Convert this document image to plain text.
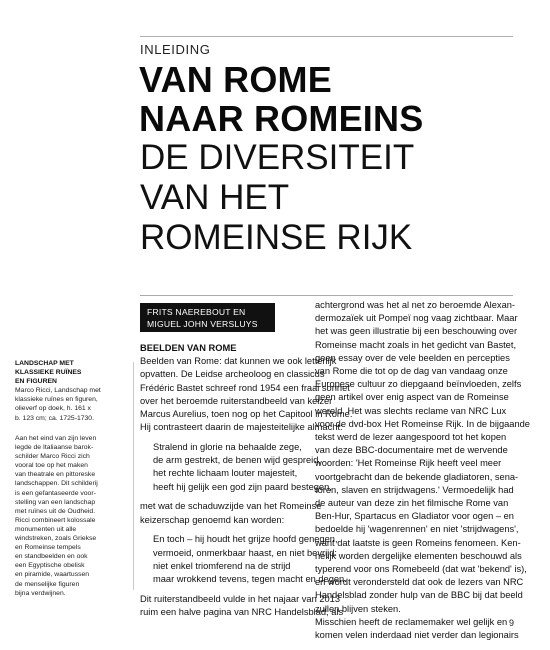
INLEIDING
VAN ROME
NAAR ROMEINS
DE DIVERSITEIT
VAN HET
ROMEINSE RIJK
FRITS NAEREBOUT EN
MIGUEL JOHN VERSLUYS
LANDSCHAP MET
KLASSIEKE RUÏNES
EN FIGUREN
Marco Ricci, Landschap met
klassieke ruïnes en figuren,
olieverf op doek, h. 161 x
b. 123 cm; ca. 1725-1730.
Aan het eind van zijn leven
legde de Italiaanse barok-
schilder Marco Ricci zich
vooral toe op het maken
van theatrale en pittoreske
landschappen. Dit schilderij
is een gefantaseerde voor-
stelling van een landschap
met ruïnes uit de Oudheid.
Ricci combineert kolossale
monumenten uit alle
windstreken, zoals Griekse
en Romeinse tempels
en standbeelden en ook
een Egyptische obelisk
en piramide, waartussen
de menselijke figuren
bijna verdwijnen.
BEELDEN VAN ROME
Beelden van Rome: dat kunnen we ook letterlijk
opvatten. De Leidse archeoloog en classicus
Frédéric Bastet schreef rond 1954 een fraai sonnet
over het beroemde ruiterstandbeeld van keizer
Marcus Aurelius, toen nog op het Capitool in Rome.
Hij contrasteert daarin de majesteitelijke almacht:
Stralend in glorie na behaalde zege,
de arm gestrekt, de benen wijd gespreid,
het rechte lichaam louter majesteit,
heeft hij gelijk een god zijn paard bestegen,
met wat de schaduwzijde van het Romeinse
keizerschap genoemd kan worden:
En toch – hij houdt het grijze hoofd genegen,
vermoeid, onmerkbaar haast, en niet bevrijd:
niet enkel triomferend na de strijd
maar wrokkend tevens, tegen macht en degen.
Dit ruiterstandbeeld vulde in het najaar van 2013
ruim een halve pagina van NRC Handelsblad, als
achtergrond was het al net zo beroemde Alexan-
dermozaïek uit Pompeï nog vaag zichtbaar. Maar
het was geen illustratie bij een beschouwing over
Romeinse macht zoals in het gedicht van Bastet,
geen essay over de vele beelden en percepties
van Rome die tot op de dag van vandaag onze
Europese cultuur zo diepgaand beïnvloeden, zelfs
geen artikel over enig aspect van de Romeinse
wereld. Het was slechts reclame van NRC Lux
voor de dvd-box Het Romeinse Rijk. In de bijgaande
tekst werd de lezer aangespoord tot het kopen
van deze BBC-documentaire met de wervende
woorden: 'Het Romeinse Rijk heeft veel meer
voortgebracht dan de bekende gladiatoren, sena-
toren, slaven en strijdwagens.' Vermoedelijk had
de auteur van deze zin het filmische Rome van
Ben-Hur, Spartacus en Gladiator voor ogen – en
bedoelde hij 'wagenrennen' en niet 'strijdwagens',
want dat laatste is geen Romeins fenomeen. Ken-
nelijk worden dergelijke elementen beschouwd als
typerend voor ons Romebeeld (dat wat 'bekend' is),
en wordt verondersteld dat ook de lezers van NRC
Handelsblad zonder hulp van de BBC bij dat beeld
zullen blijven steken.
Misschien heeft de reclamemaker wel gelijk en
komen velen inderdaad niet verder dan legionairs
9
